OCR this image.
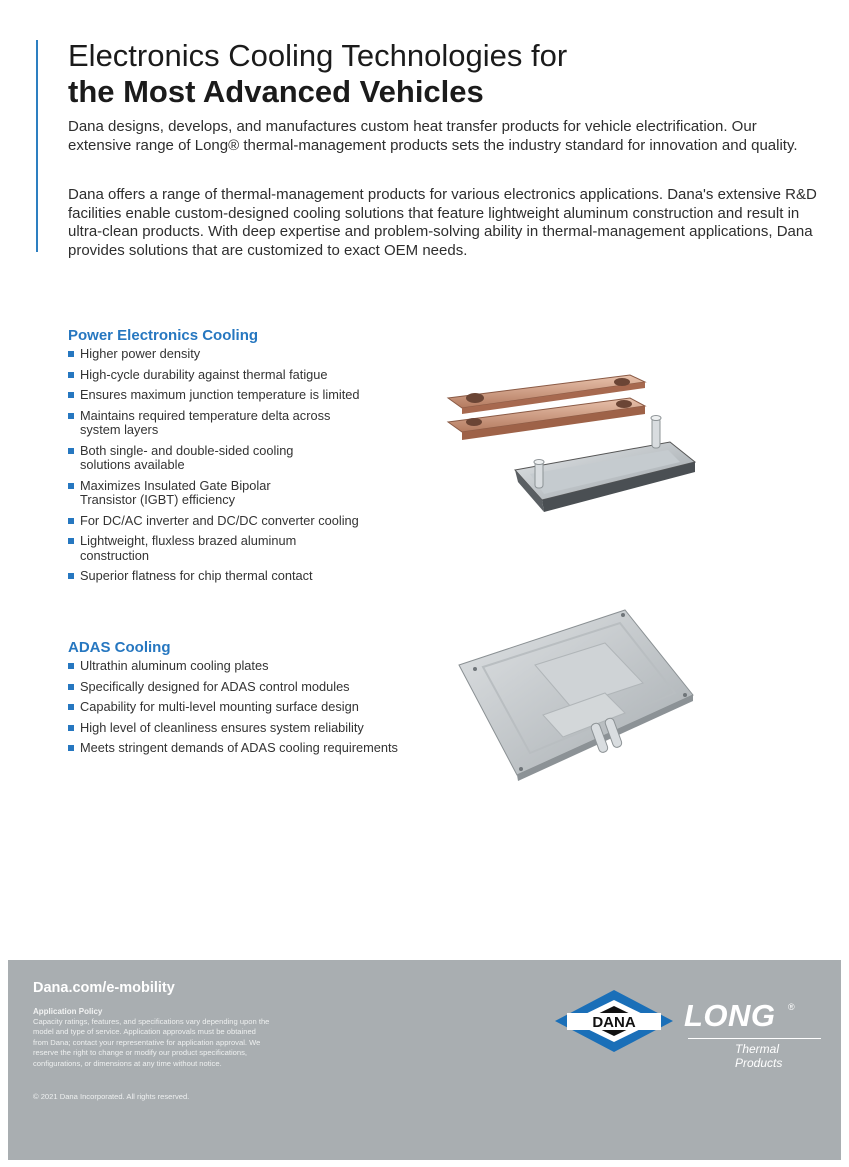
Electronics Cooling Technologies for
the Most Advanced Vehicles

Dana designs, develops, and manufactures custom heat transfer products for vehicle electrification. Our extensive range of Long® thermal-management products sets the industry standard for innovation and quality.

Dana offers a range of thermal-management products for various electronics applications. Dana's extensive R&D facilities enable custom-designed cooling solutions that feature lightweight aluminum construction and result in ultra-clean products. With deep expertise and problem-solving ability in thermal-management applications, Dana provides solutions that are customized to exact OEM needs.

Power Electronics Cooling
Higher power density
High-cycle durability against thermal fatigue
Ensures maximum junction temperature is limited
Maintains required temperature delta across system layers
Both single- and double-sided cooling solutions available
Maximizes Insulated Gate Bipolar Transistor (IGBT) efficiency
For DC/AC inverter and DC/DC converter cooling
Lightweight, fluxless brazed aluminum construction
Superior flatness for chip thermal contact
ADAS Cooling
Ultrathin aluminum cooling plates
Specifically designed for ADAS control modules
Capability for multi-level mounting surface design
High level of cleanliness ensures system reliability
Meets stringent demands of ADAS cooling requirements
Dana.com/e-mobility
Application Policy
Capacity ratings, features, and specifications vary depending upon the model and type of service. Application approvals must be obtained from Dana; contact your representative for application approval. We reserve the right to change or modify our product specifications, configurations, or dimensions at any time without notice.
© 2021 Dana Incorporated. All rights reserved.
DANA LONG ®
Thermal Products
